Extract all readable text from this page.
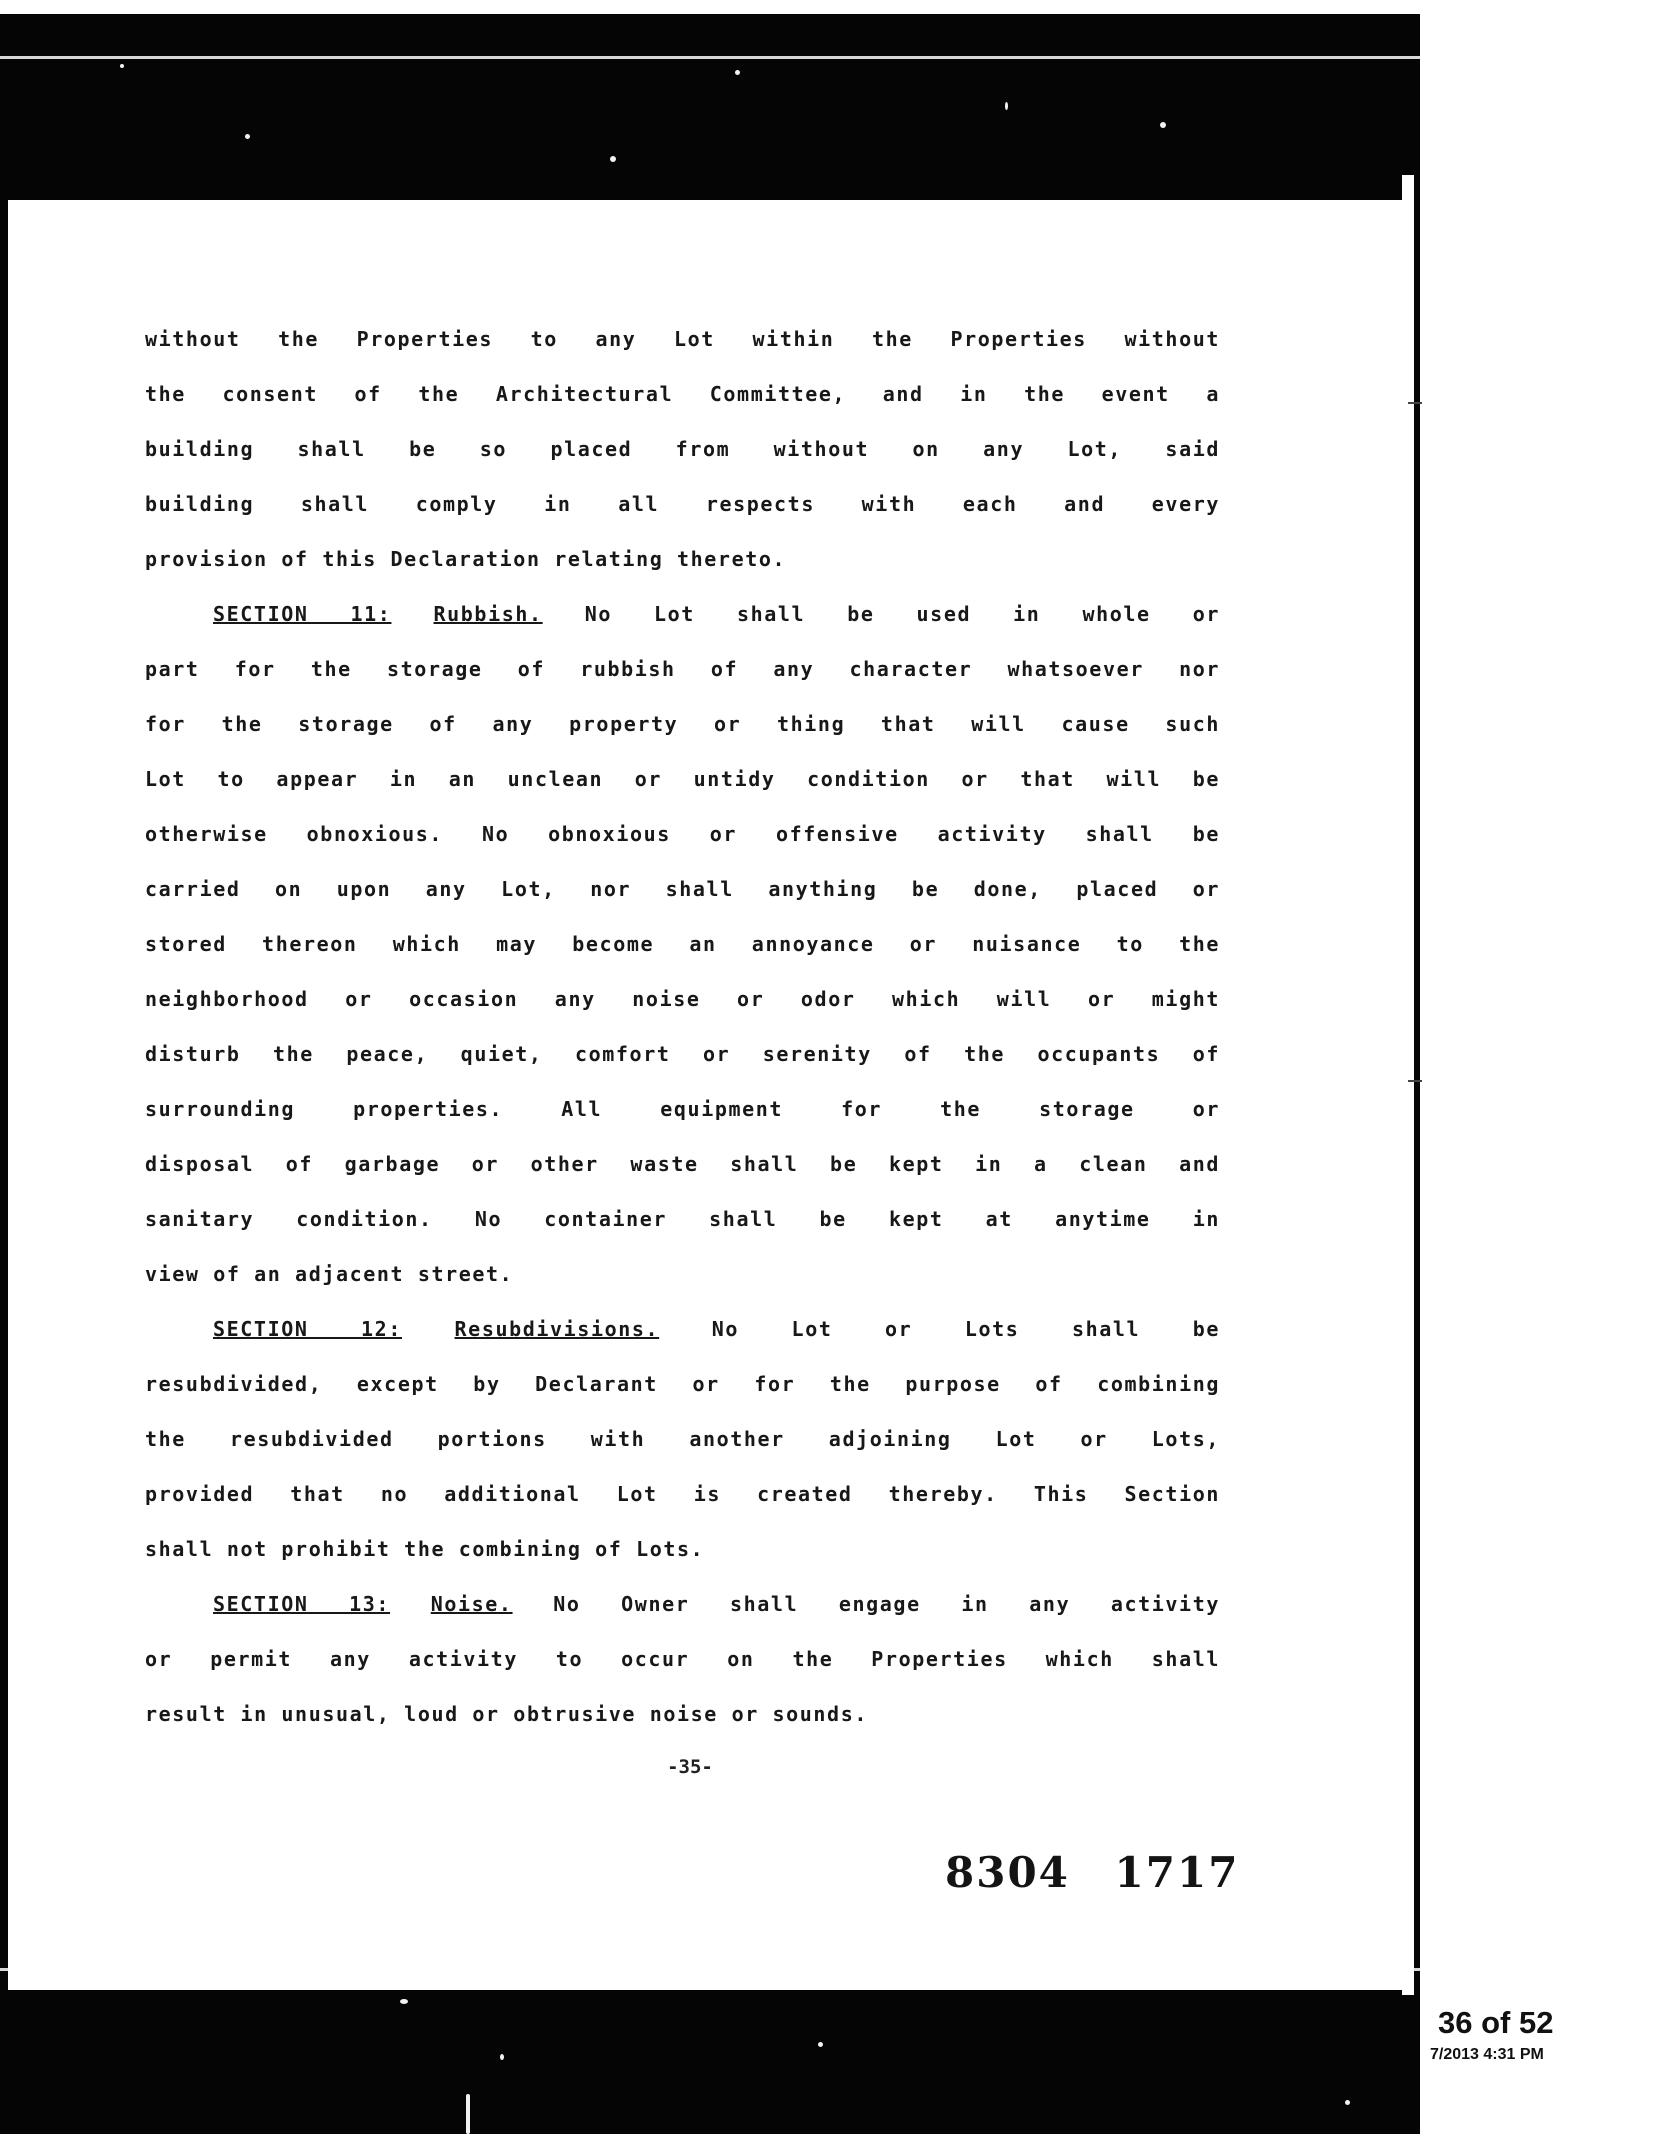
without the Properties to any Lot within the Properties without
the consent of the Architectural Committee, and in the event a
building shall be so placed from without on any Lot, said
building shall comply in all respects with each and every
provision of this Declaration relating thereto.
SECTION 11: Rubbish. No Lot shall be used in whole or
part for the storage of rubbish of any character whatsoever nor
for the storage of any property or thing that will cause such
Lot to appear in an unclean or untidy condition or that will be
otherwise obnoxious. No obnoxious or offensive activity shall be
carried on upon any Lot, nor shall anything be done, placed or
stored thereon which may become an annoyance or nuisance to the
neighborhood or occasion any noise or odor which will or might
disturb the peace, quiet, comfort or serenity of the occupants of
surrounding properties. All equipment for the storage or
disposal of garbage or other waste shall be kept in a clean and
sanitary condition. No container shall be kept at anytime in
view of an adjacent street.
SECTION 12:	Resubdivisions.	No Lot or Lots shall be
resubdivided, except by Declarant or for the purpose of combining
the resubdivided portions with another adjoining Lot or Lots,
provided that no additional Lot is created thereby. This Section
shall not prohibit the combining of Lots.
SECTION 13: Noise. No Owner shall engage in any activity
or permit any activity to occur on the Properties which shall
result in unusual, loud or obtrusive noise or sounds.
-35-
8304 1717
36 of 52
7/2013 4:31 PM
